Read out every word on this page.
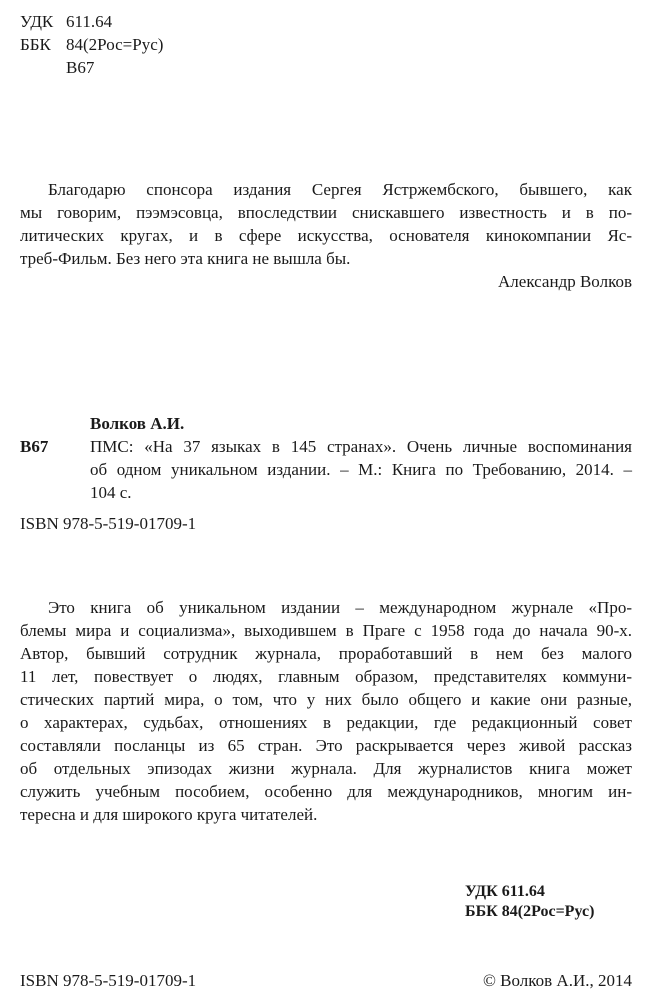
УДК 611.64
ББК 84(2Рос=Рус)
В67
Благодарю спонсора издания Сергея Ястржембского, бывшего, как
мы говорим, пээмэсовца, впоследствии снискавшего известность и в по-
литических кругах, и в сфере искусства, основателя кинокомпании Яс-
треб-Фильм. Без него эта книга не вышла бы.
Александр Волков
Волков А.И.
В67	ПМС: «На 37 языках в 145 странах». Очень личные воспоминания
об одном уникальном издании. – М.: Книга по Требованию, 2014. –
104 с.
ISBN 978-5-519-01709-1
Это книга об уникальном издании – международном журнале «Про-
блемы мира и социализма», выходившем в Праге с 1958 года до начала 90-х.
Автор, бывший сотрудник журнала, проработавший в нем без малого
11 лет, повествует о людях, главным образом, представителях коммуни-
стических партий мира, о том, что у них было общего и какие они разные,
о характерах, судьбах, отношениях в редакции, где редакционный совет
составляли посланцы из 65 стран. Это раскрывается через живой рассказ
об отдельных эпизодах жизни журнала. Для журналистов книга может
служить учебным пособием, особенно для международников, многим ин-
тересна и для широкого круга читателей.
УДК 611.64
ББК 84(2Рос=Рус)
ISBN 978-5-519-01709-1	© Волков А.И., 2014
